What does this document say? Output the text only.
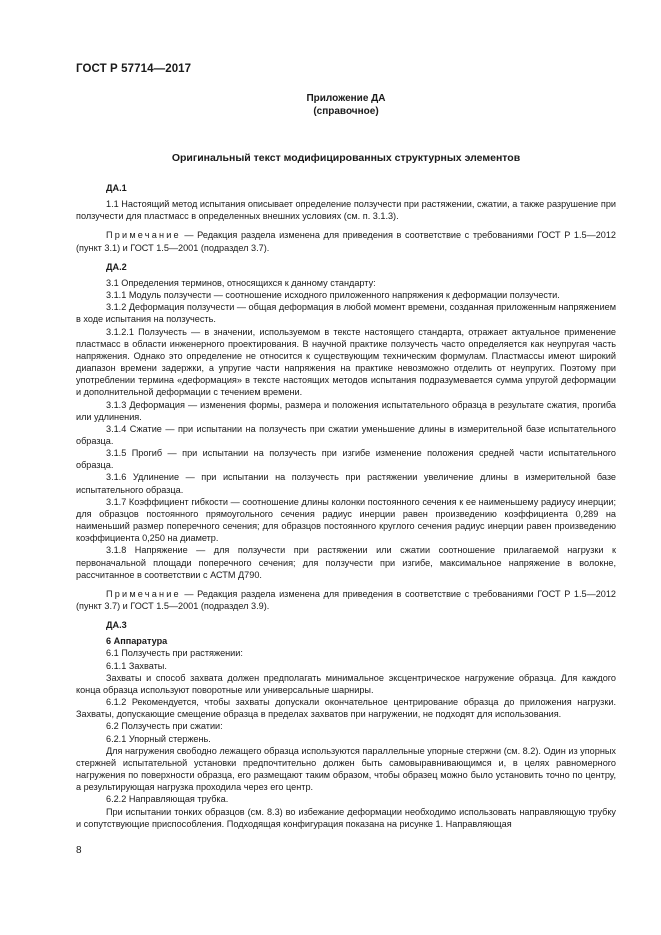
ГОСТ Р 57714—2017
Приложение ДА
(справочное)
Оригинальный текст модифицированных структурных элементов

ДА.1

1.1 Настоящий метод испытания описывает определение ползучести при растяжении, сжатии, а также разрушение при ползучести для пластмасс в определенных внешних условиях (см. п. 3.1.3).

Примечание — Редакция раздела изменена для приведения в соответствие с требованиями ГОСТ Р 1.5—2012 (пункт 3.1) и ГОСТ 1.5—2001 (подраздел 3.7).

ДА.2

3.1 Определения терминов, относящихся к данному стандарту:

3.1.1 Модуль ползучести — соотношение исходного приложенного напряжения к деформации ползучести.

3.1.2 Деформация ползучести — общая деформация в любой момент времени, созданная приложенным напряжением в ходе испытания на ползучесть.

3.1.2.1 Ползучесть — в значении, используемом в тексте настоящего стандарта, отражает актуальное применение пластмасс в области инженерного проектирования. В научной практике ползучесть часто определяется как неупругая часть напряжения. Однако это определение не относится к существующим техническим формулам. Пластмассы имеют широкий диапазон времени задержки, а упругие части напряжения на практике невозможно отделить от неупругих. Поэтому при употреблении термина «деформация» в тексте настоящих методов испытания подразумевается сумма упругой деформации и дополнительной деформации с течением времени.

3.1.3 Деформация — изменения формы, размера и положения испытательного образца в результате сжатия, прогиба или удлинения.

3.1.4 Сжатие — при испытании на ползучесть при сжатии уменьшение длины в измерительной базе испытательного образца.

3.1.5 Прогиб — при испытании на ползучесть при изгибе изменение положения средней части испытательного образца.

3.1.6 Удлинение — при испытании на ползучесть при растяжении увеличение длины в измерительной базе испытательного образца.

3.1.7 Коэффициент гибкости — соотношение длины колонки постоянного сечения к ее наименьшему радиусу инерции; для образцов постоянного прямоугольного сечения радиус инерции равен произведению коэффициента 0,289 на наименьший размер поперечного сечения; для образцов постоянного круглого сечения радиус инерции равен произведению коэффициента 0,250 на диаметр.

3.1.8 Напряжение — для ползучести при растяжении или сжатии соотношение прилагаемой нагрузки к первоначальной площади поперечного сечения; для ползучести при изгибе, максимальное напряжение в волокне, рассчитанное в соответствии с АСТМ Д790.

Примечание — Редакция раздела изменена для приведения в соответствие с требованиями ГОСТ Р 1.5—2012 (пункт 3.7) и ГОСТ 1.5—2001 (подраздел 3.9).

ДА.3

6 Аппаратура

6.1 Ползучесть при растяжении:

6.1.1 Захваты.

Захваты и способ захвата должен предполагать минимальное эксцентрическое нагружение образца. Для каждого конца образца используют поворотные или универсальные шарниры.

6.1.2 Рекомендуется, чтобы захваты допускали окончательное центрирование образца до приложения нагрузки. Захваты, допускающие смещение образца в пределах захватов при нагружении, не подходят для использования.

6.2 Ползучесть при сжатии:

6.2.1 Упорный стержень.

Для нагружения свободно лежащего образца используются параллельные упорные стержни (см. 8.2). Один из упорных стержней испытательной установки предпочтительно должен быть самовыравнивающимся и, в целях равномерного нагружения по поверхности образца, его размещают таким образом, чтобы образец можно было установить точно по центру, а результирующая нагрузка проходила через его центр.

6.2.2 Направляющая трубка.

При испытании тонких образцов (см. 8.3) во избежание деформации необходимо использовать направляющую трубку и сопутствующие приспособления. Подходящая конфигурация показана на рисунке 1. Направляющая

8
